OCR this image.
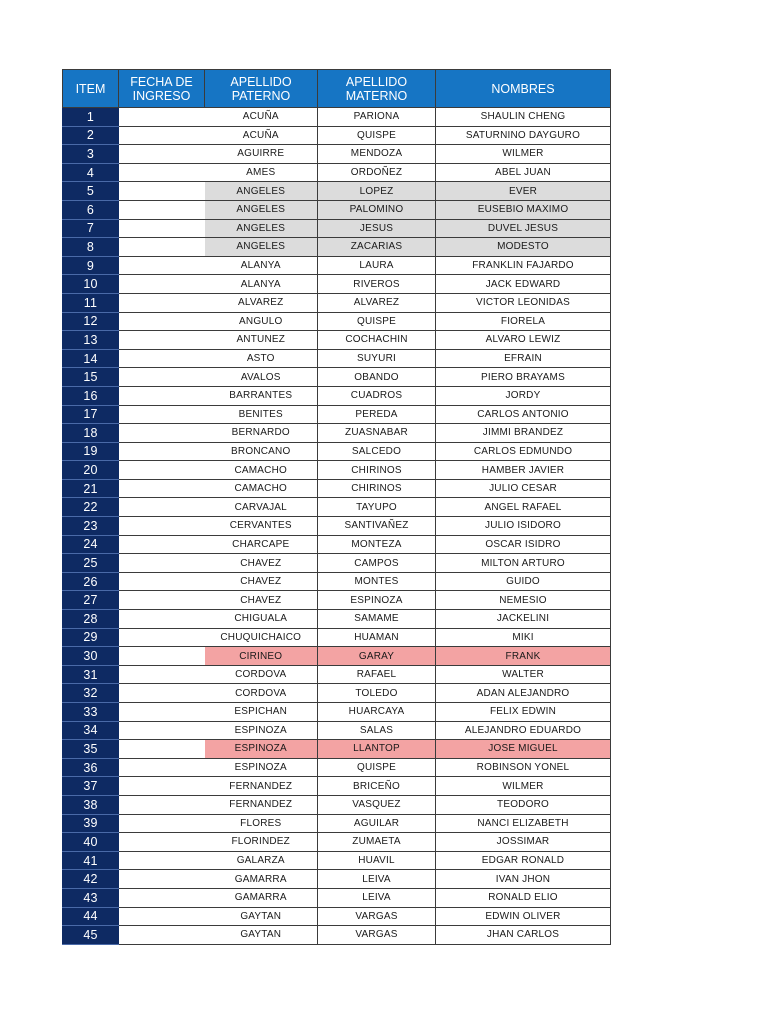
ITEM	FECHA DE INGRESO	APELLIDO PATERNO	APELLIDO MATERNO	NOMBRES
1		ACUÑA	PARIONA	SHAULIN CHENG
2		ACUÑA	QUISPE	SATURNINO DAYGURO
3		AGUIRRE	MENDOZA	WILMER
4		AMES	ORDOÑEZ	ABEL JUAN
5		ANGELES	LOPEZ	EVER
6		ANGELES	PALOMINO	EUSEBIO MAXIMO
7		ANGELES	JESUS	DUVEL JESUS
8		ANGELES	ZACARIAS	MODESTO
9		ALANYA	LAURA	FRANKLIN FAJARDO
10		ALANYA	RIVEROS	JACK EDWARD
11		ALVAREZ	ALVAREZ	VICTOR LEONIDAS
12		ANGULO	QUISPE	FIORELA
13		ANTUNEZ	COCHACHIN	ALVARO LEWIZ
14		ASTO	SUYURI	EFRAIN
15		AVALOS	OBANDO	PIERO BRAYAMS
16		BARRANTES	CUADROS	JORDY
17		BENITES	PEREDA	CARLOS ANTONIO
18		BERNARDO	ZUASNABAR	JIMMI BRANDEZ
19		BRONCANO	SALCEDO	CARLOS EDMUNDO
20		CAMACHO	CHIRINOS	HAMBER JAVIER
21		CAMACHO	CHIRINOS	JULIO CESAR
22		CARVAJAL	TAYUPO	ANGEL RAFAEL
23		CERVANTES	SANTIVAÑEZ	JULIO ISIDORO
24		CHARCAPE	MONTEZA	OSCAR ISIDRO
25		CHAVEZ	CAMPOS	MILTON ARTURO
26		CHAVEZ	MONTES	GUIDO
27		CHAVEZ	ESPINOZA	NEMESIO
28		CHIGUALA	SAMAME	JACKELINI
29		CHUQUICHAICO	HUAMAN	MIKI
30		CIRINEO	GARAY	FRANK
31		CORDOVA	RAFAEL	WALTER
32		CORDOVA	TOLEDO	ADAN ALEJANDRO
33		ESPICHAN	HUARCAYA	FELIX EDWIN
34		ESPINOZA	SALAS	ALEJANDRO EDUARDO
35		ESPINOZA	LLANTOP	JOSE MIGUEL
36		ESPINOZA	QUISPE	ROBINSON YONEL
37		FERNANDEZ	BRICEÑO	WILMER
38		FERNANDEZ	VASQUEZ	TEODORO
39		FLORES	AGUILAR	NANCI ELIZABETH
40		FLORINDEZ	ZUMAETA	JOSSIMAR
41		GALARZA	HUAVIL	EDGAR RONALD
42		GAMARRA	LEIVA	IVAN JHON
43		GAMARRA	LEIVA	RONALD ELIO
44		GAYTAN	VARGAS	EDWIN OLIVER
45		GAYTAN	VARGAS	JHAN CARLOS
